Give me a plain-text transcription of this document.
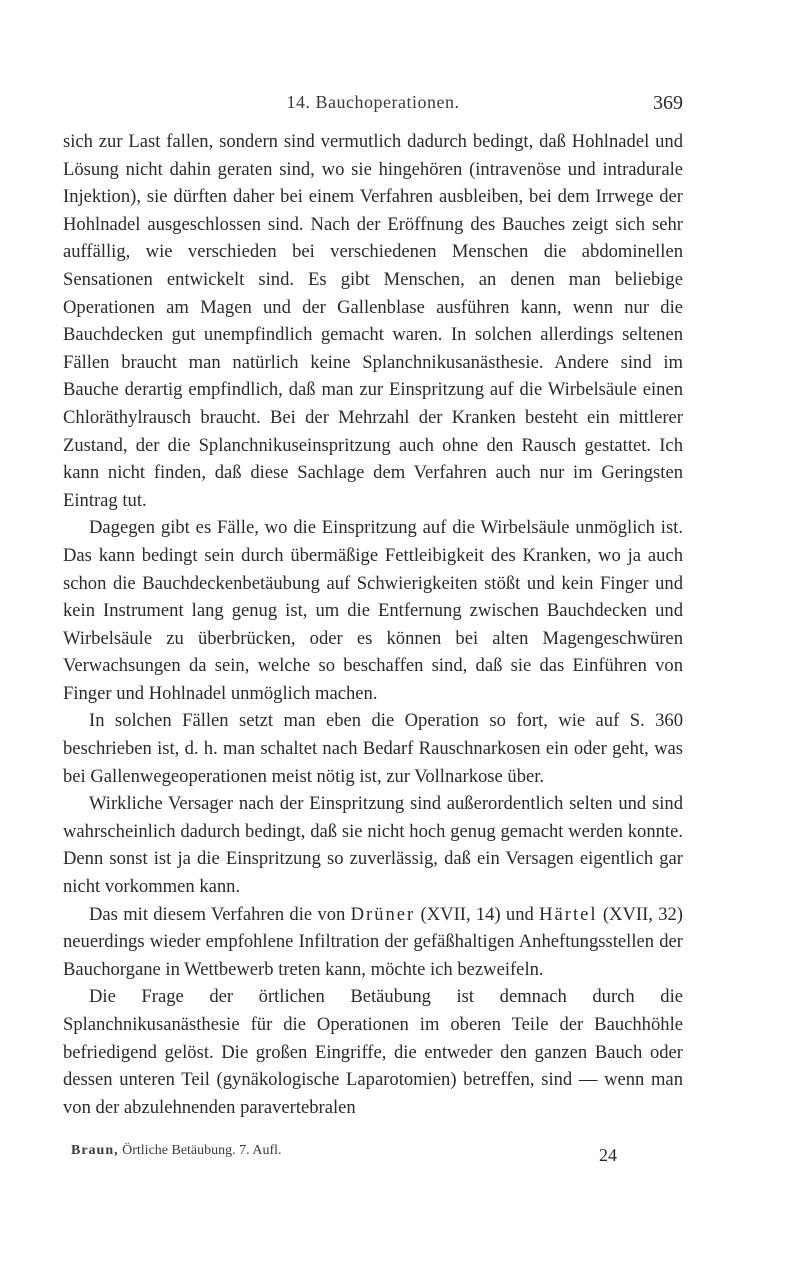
14. Bauchoperationen.	369

sich zur Last fallen, sondern sind vermutlich dadurch bedingt, daß Hohlnadel und Lösung nicht dahin geraten sind, wo sie hingehören (intravenöse und intradurale Injektion), sie dürften daher bei einem Verfahren ausbleiben, bei dem Irrwege der Hohlnadel ausgeschlossen sind. Nach der Eröffnung des Bauches zeigt sich sehr auffällig, wie verschieden bei verschiedenen Menschen die abdominellen Sensationen entwickelt sind. Es gibt Menschen, an denen man beliebige Operationen am Magen und der Gallenblase ausführen kann, wenn nur die Bauchdecken gut unempfindlich gemacht waren. In solchen allerdings seltenen Fällen braucht man natürlich keine Splanchnikusanästhesie. Andere sind im Bauche derartig empfindlich, daß man zur Einspritzung auf die Wirbelsäule einen Chloräthylrausch braucht. Bei der Mehrzahl der Kranken besteht ein mittlerer Zustand, der die Splanchnikuseinspritzung auch ohne den Rausch gestattet. Ich kann nicht finden, daß diese Sachlage dem Verfahren auch nur im Geringsten Eintrag tut.

Dagegen gibt es Fälle, wo die Einspritzung auf die Wirbelsäule unmöglich ist. Das kann bedingt sein durch übermäßige Fettleibigkeit des Kranken, wo ja auch schon die Bauchdeckenbetäubung auf Schwierigkeiten stößt und kein Finger und kein Instrument lang genug ist, um die Entfernung zwischen Bauchdecken und Wirbelsäule zu überbrücken, oder es können bei alten Magengeschwüren Verwachsungen da sein, welche so beschaffen sind, daß sie das Einführen von Finger und Hohlnadel unmöglich machen.

In solchen Fällen setzt man eben die Operation so fort, wie auf S. 360 beschrieben ist, d. h. man schaltet nach Bedarf Rauschnarkosen ein oder geht, was bei Gallenwegeoperationen meist nötig ist, zur Vollnarkose über.

Wirkliche Versager nach der Einspritzung sind außerordentlich selten und sind wahrscheinlich dadurch bedingt, daß sie nicht hoch genug gemacht werden konnte. Denn sonst ist ja die Einspritzung so zuverlässig, daß ein Versagen eigentlich gar nicht vorkommen kann.

Das mit diesem Verfahren die von Drüner (XVII, 14) und Härtel (XVII, 32) neuerdings wieder empfohlene Infiltration der gefäßhaltigen Anheftungsstellen der Bauchorgane in Wettbewerb treten kann, möchte ich bezweifeln.

Die Frage der örtlichen Betäubung ist demnach durch die Splanchnikusanästhesie für die Operationen im oberen Teile der Bauchhöhle befriedigend gelöst. Die großen Eingriffe, die entweder den ganzen Bauch oder dessen unteren Teil (gynäkologische Laparotomien) betreffen, sind — wenn man von der abzulehnenden paravertebralen

Braun, Örtliche Betäubung. 7. Aufl.	24
